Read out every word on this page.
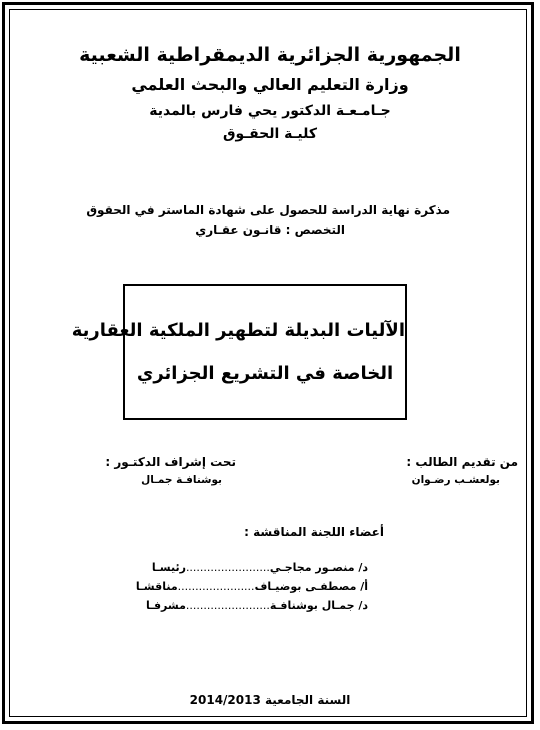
الجمهورية الجزائرية الديمقراطية الشعبية
وزارة التعليم العالي والبحث العلمي
جـامـعـة الدكتور يحي فارس بالمدية
كليـة الحقـوق
مذكرة نهاية الدراسة للحصول على شهادة الماستر في الحقوق
التخصص : قانـون عقـاري
الآليات البديلة لتطهير الملكية العقارية
الخاصة في التشريع الجزائري
من تقديم الطالب :
بولعشـب رضـوان
تحت إشراف الدكتـور :
بوشنافـة جمـال
أعضاء اللجنة المناقشة :
د/ منصـور مجاجـي........................رئيسـا
أ/ مصطفـى بوضيـاف......................مناقشـا
د/ جمـال بوشنافـة........................مشرفـا
السنة الجامعية 2014/2013
